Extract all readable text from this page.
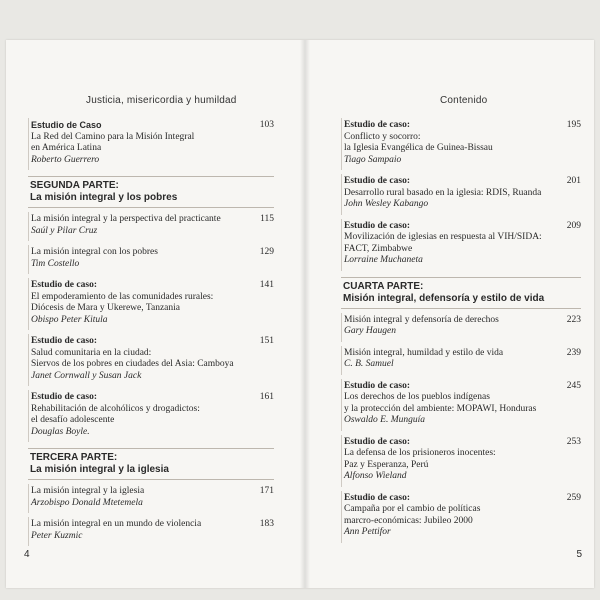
Justicia, misericordia y humildad
Estudio de Caso
La Red del Camino para la Misión Integral
en América Latina
Roberto Guerrero
103
SEGUNDA PARTE:
La misión integral y los pobres
La misión integral y la perspectiva del practicante
Saúl y Pilar Cruz
115
La misión integral con los pobres
Tim Costello
129
Estudio de caso:
El empoderamiento de las comunidades rurales:
Diócesis de Mara y Ukerewe, Tanzania
Obispo Peter Kitula
141
Estudio de caso:
Salud comunitaria en la ciudad:
Siervos de los pobres en ciudades del Asia: Camboya
Janet Cornwall y Susan Jack
151
Estudio de caso:
Rehabilitación de alcohólicos y drogadictos:
el desafío adolescente
Douglas Boyle.
161
TERCERA PARTE:
La misión integral y la iglesia
La misión integral y la iglesia
Arzobispo Donald Mtetemela
171
La misión integral en un mundo de violencia
Peter Kuzmic
183
4
Contenido
Estudio de caso:
Conflicto y socorro:
la Iglesia Evangélica de Guinea-Bissau
Tiago Sampaio
195
Estudio de caso:
Desarrollo rural basado en la iglesia: RDIS, Ruanda
John Wesley Kabango
201
Estudio de caso:
Movilización de iglesias en respuesta al VIH/SIDA:
FACT, Zimbabwe
Lorraine Muchaneta
209
CUARTA PARTE:
Misión integral, defensoría y estilo de vida
Misión integral y defensoría de derechos
Gary Haugen
223
Misión integral, humildad y estilo de vida
C. B. Samuel
239
Estudio de caso:
Los derechos de los pueblos indígenas
y la protección del ambiente: MOPAWI, Honduras
Oswaldo E. Munguía
245
Estudio de caso:
La defensa de los prisioneros inocentes:
Paz y Esperanza, Perú
Alfonso Wieland
253
Estudio de caso:
Campaña por el cambio de políticas
marcro-económicas: Jubileo 2000
Ann Pettifor
259
5
